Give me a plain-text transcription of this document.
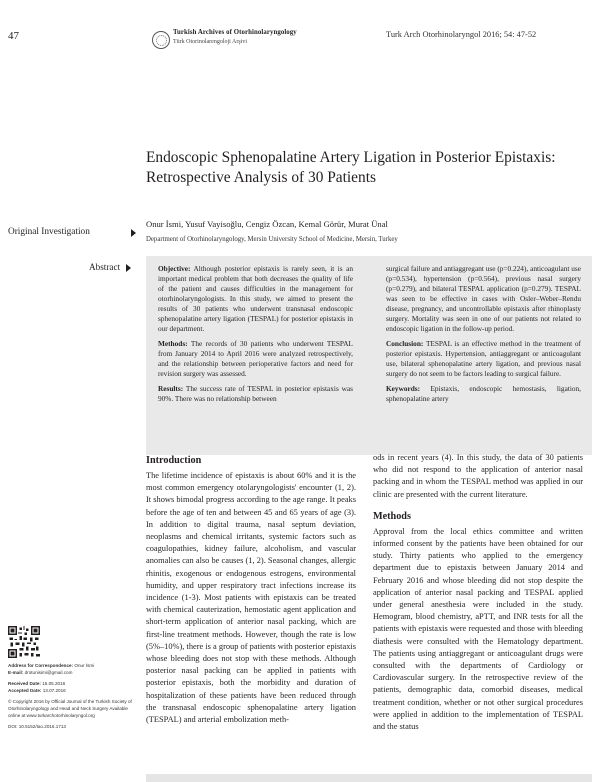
47	Turkish Archives of Otorhinolaryngology
Türk Otorinolarengoloji Arşivi
Turk Arch Otorhinolaryngol 2016; 54: 47-52
Endoscopic Sphenopalatine Artery Ligation in Posterior Epistaxis: Retrospective Analysis of 30 Patients
Original Investigation
Onur İsmi, Yusuf Vayisoğlu, Cengiz Özcan, Kemal Görür, Murat Ünal
Department of Otorhinolaryngology, Mersin University School of Medicine, Mersin, Turkey
Abstract	Objective: Although posterior epistaxis is rarely seen, it is an important medical problem that both decreases the quality of life of the patient and causes difficulties in the management for otorhinolaryngologists. In this study, we aimed to present the results of 30 patients who underwent transnasal endoscopic sphenopalatine artery ligation (TESPAL) for posterior epistaxis in our department.

Methods: The records of 30 patients who underwent TESPAL from January 2014 to April 2016 were analyzed retrospectively, and the relationship between perioperative factors and need for revision surgery was assessed.

Results: The success rate of TESPAL in posterior epistaxis was 90%. There was no relationship between

surgical failure and antiaggregant use (p=0.224), anticoagulant use (p=0.534), hypertension (p=0.564), previous nasal surgery (p=0.279), and bilateral TESPAL application (p=0.279). TESPAL was seen to be effective in cases with Osler–Weber–Rendu disease, pregnancy, and uncontrollable epistaxis after rhinoplasty surgery. Mortality was seen in one of our patients not related to endoscopic ligation in the follow-up period.

Conclusion: TESPAL is an effective method in the treatment of posterior epistaxis. Hypertension, antiaggregant or anticoagulant use, bilateral sphenopalatine artery ligation, and previous nasal surgery do not seem to be factors leading to surgical failure.

Keywords: Epistaxis, endoscopic hemostasis, ligation, sphenopalatine artery

Introduction

The lifetime incidence of epistaxis is about 60% and it is the most common emergency otolaryngologists' encounter (1, 2). It shows bimodal progress according to the age range. It peaks before the age of ten and between 45 and 65 years of age (3). In addition to digital trauma, nasal septum deviation, neoplasms and chemical irritants, systemic factors such as coagulopathies, kidney failure, alcoholism, and vascular anomalies can also be causes (1, 2). Seasonal changes, allergic rhinitis, exogenous or endogenous estrogens, environmental humidity, and upper respiratory tract infections increase its incidence (1-3). Most patients with epistaxis can be treated with chemical cauterization, hemostatic agent application and short-term application of anterior nasal packing, which are first-line treatment methods. However, though the rate is low (5%–10%), there is a group of patients with posterior epistaxis whose bleeding does not stop with these methods. Although posterior nasal packing can be applied in patients with posterior epistaxis, both the morbidity and duration of hospitalization of these patients have been reduced through the transnasal endoscopic sphenopalatine artery ligation (TESPAL) and arterial embolization meth-

ods in recent years (4). In this study, the data of 30 patients who did not respond to the application of anterior nasal packing and in whom the TESPAL method was applied in our clinic are presented with the current literature.

Methods

Approval from the local ethics committee and written informed consent by the patients have been obtained for our study. Thirty patients who applied to the emergency department due to epistaxis between January 2014 and February 2016 and whose bleeding did not stop despite the application of anterior nasal packing and TESPAL applied under general anesthesia were included in the study. Hemogram, blood chemistry, aPTT, and INR tests for all the patients with epistaxis were requested and those with bleeding diathesis were consulted with the Hematology department. The patients using antiaggregant or anticoagulant drugs were consulted with the departments of Cardiology or Cardiovascular surgery. In the retrospective review of the patients, demographic data, comorbid diseases, medical treatment condition, whether or not other surgical procedures were applied in addition to the implementation of TESPAL and the status

Address for Correspondence: Onur İsmi
E-mail: drotunisimi@gmail.com
Received Date: 15.05.2016
Accepted Date: 13.07.2016
© Copyright 2016 by Official Journal of the Turkish Society of Otorhinolaryngology and Head and Neck Surgery Available online at www.turkarchotorhinolaryngol.org
DOI: 10.5152/tao.2016.1713
